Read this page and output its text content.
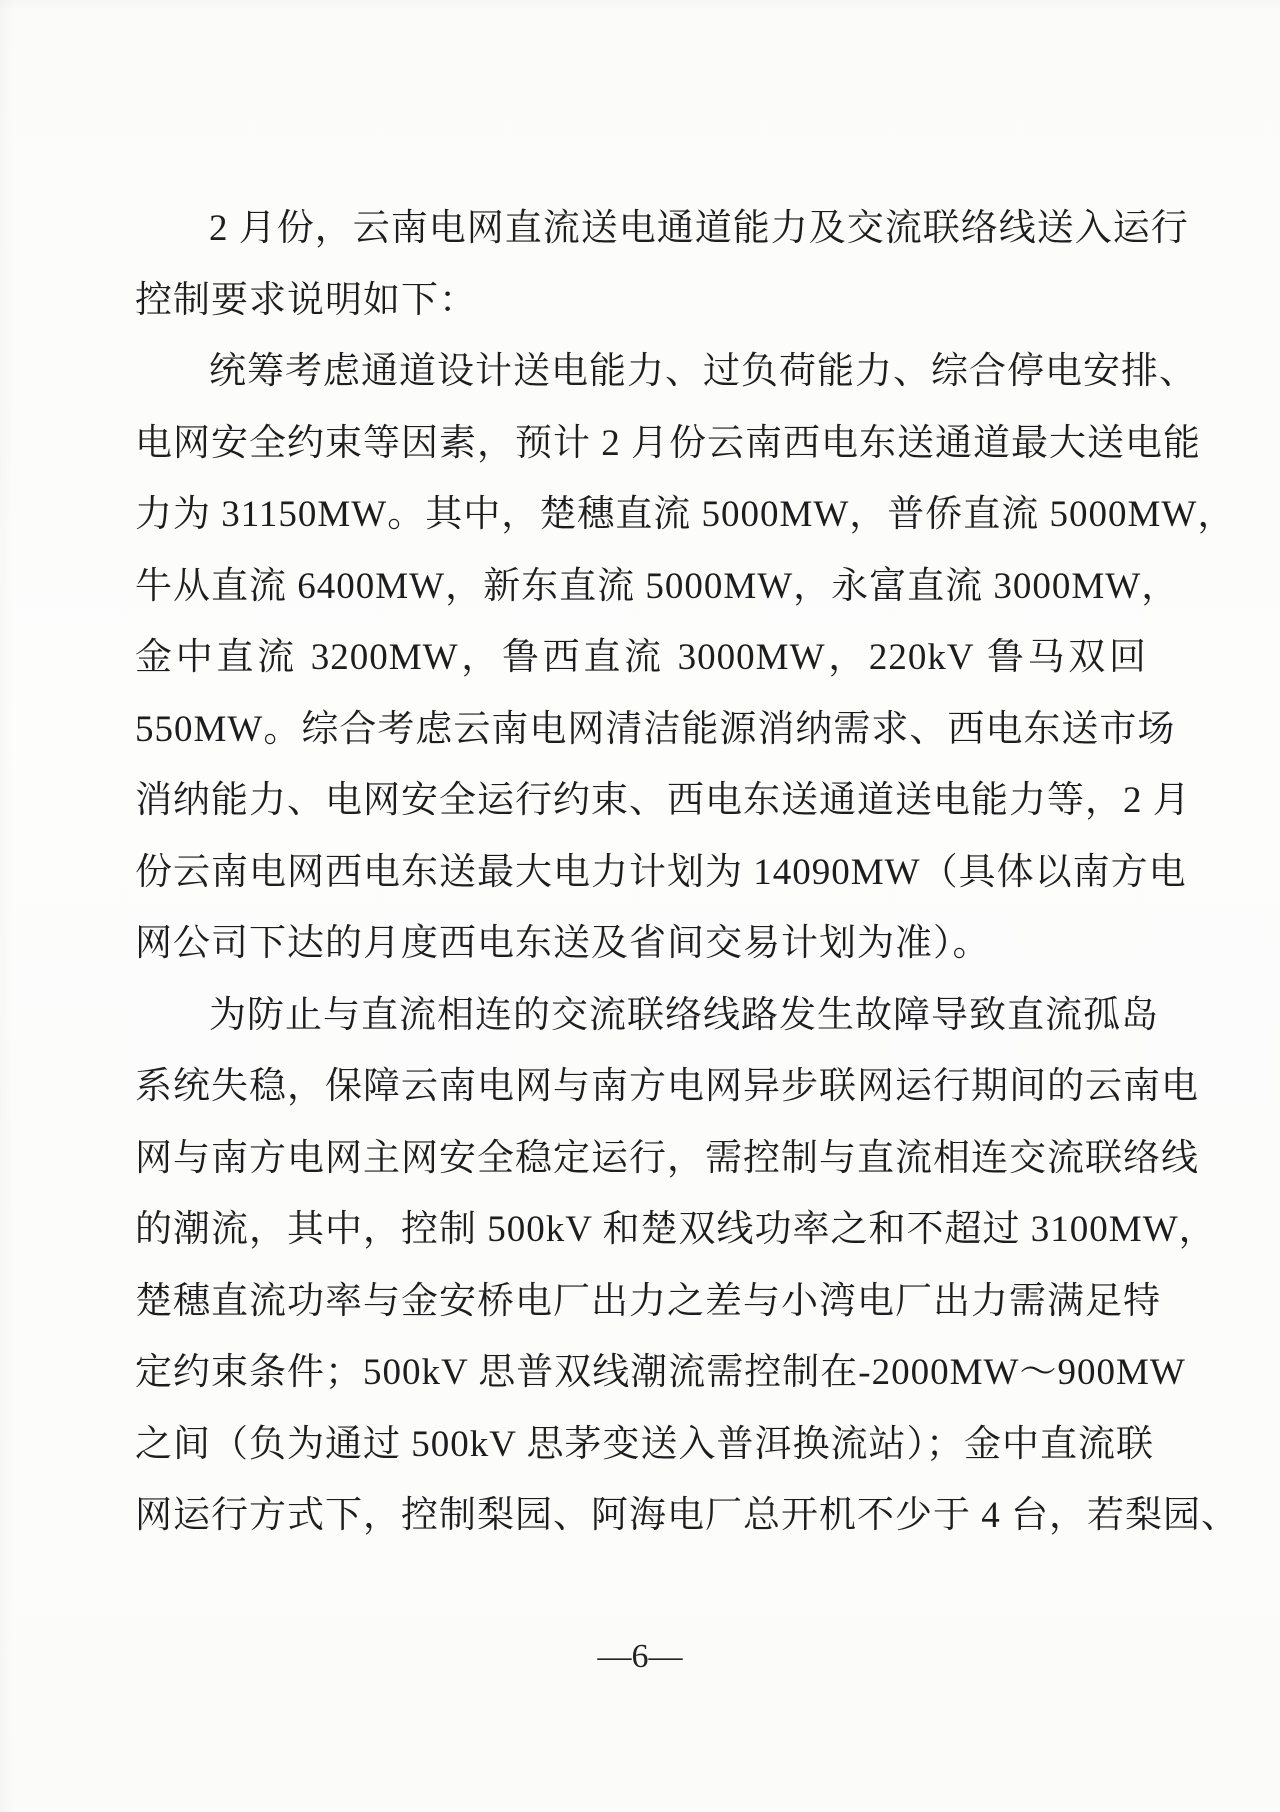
2 月份，云南电网直流送电通道能力及交流联络线送入运行
控制要求说明如下：
统筹考虑通道设计送电能力、过负荷能力、综合停电安排、
电网安全约束等因素，预计 2 月份云南西电东送通道最大送电能
力为 31150MW。其中，楚穗直流 5000MW，普侨直流 5000MW，
牛从直流 6400MW，新东直流 5000MW，永富直流 3000MW，
金中直流 3200MW，鲁西直流 3000MW，220kV 鲁马双回
550MW。综合考虑云南电网清洁能源消纳需求、西电东送市场
消纳能力、电网安全运行约束、西电东送通道送电能力等，2 月
份云南电网西电东送最大电力计划为 14090MW（具体以南方电
网公司下达的月度西电东送及省间交易计划为准）。
为防止与直流相连的交流联络线路发生故障导致直流孤岛
系统失稳，保障云南电网与南方电网异步联网运行期间的云南电
网与南方电网主网安全稳定运行，需控制与直流相连交流联络线
的潮流，其中，控制 500kV 和楚双线功率之和不超过 3100MW，
楚穗直流功率与金安桥电厂出力之差与小湾电厂出力需满足特
定约束条件；500kV 思普双线潮流需控制在-2000MW～900MW
之间（负为通过 500kV 思茅变送入普洱换流站）；金中直流联
网运行方式下，控制梨园、阿海电厂总开机不少于 4 台，若梨园、
—6—
